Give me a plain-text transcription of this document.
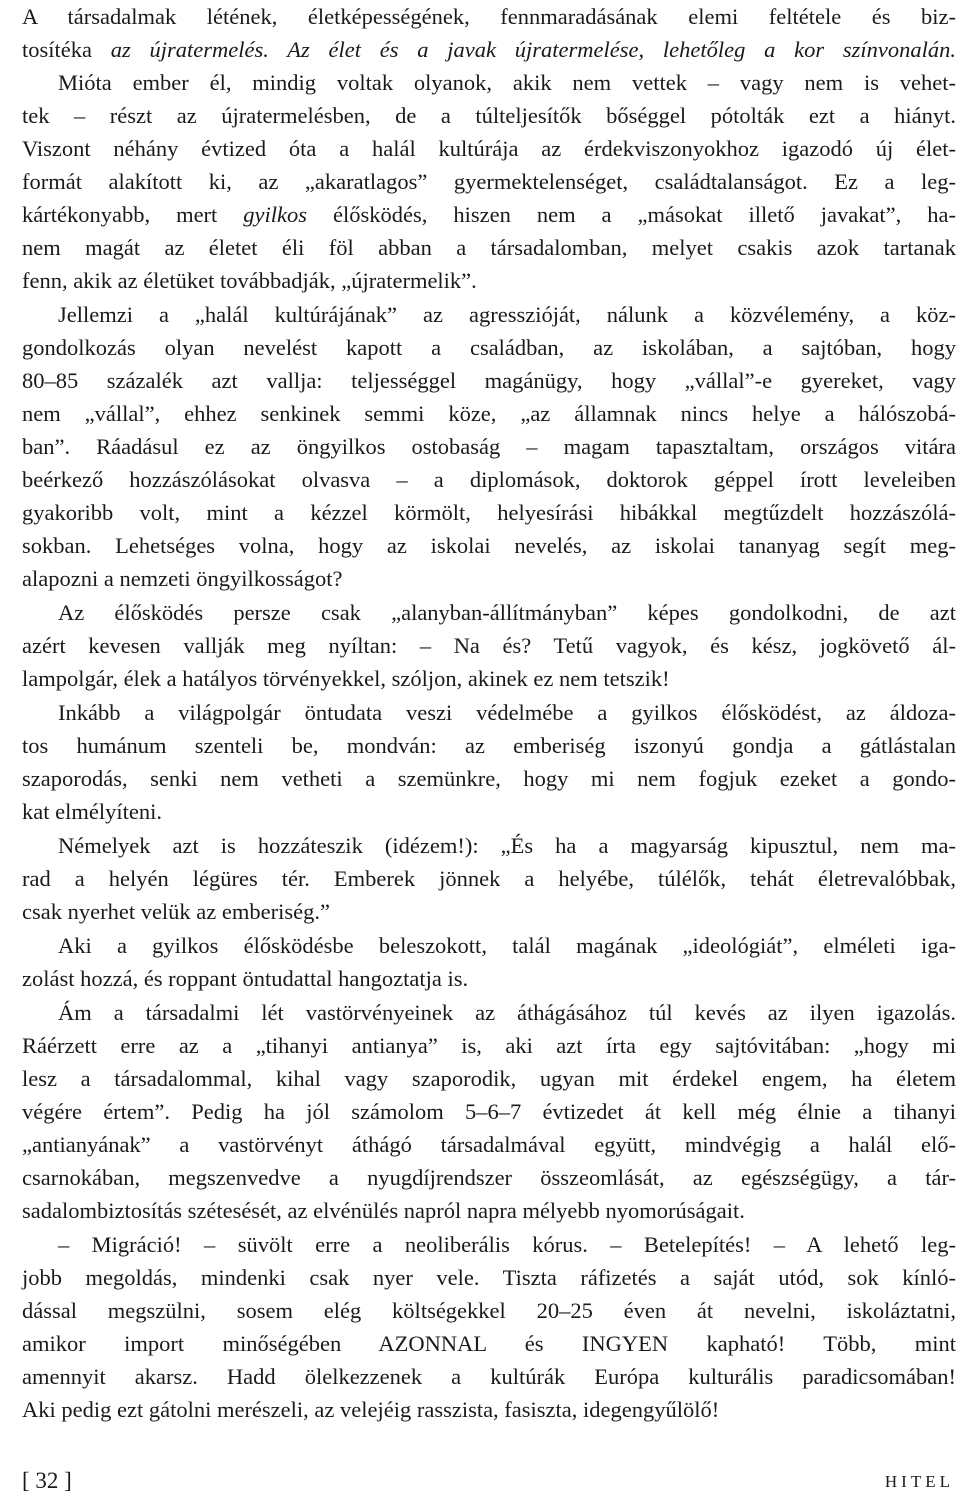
A társadalmak létének, életképességének, fennmaradásának elemi feltétele és biz-
tosítéka az újratermelés. Az élet és a javak újratermelése, lehetőleg a kor színvonalán.
Mióta ember él, mindig voltak olyanok, akik nem vettek – vagy nem is vehet-
tek – részt az újratermelésben, de a túlteljesítők bőséggel pótolták ezt a hiányt.
Viszont néhány évtized óta a halál kultúrája az érdekviszonyokhoz igazodó új élet-
formát alakított ki, az „akaratlagos” gyermektelenséget, családtalanságot. Ez a leg-
kártékonyabb, mert gyilkos élősködés, hiszen nem a „másokat illető javakat”, ha-
nem magát az életet éli föl abban a társadalomban, melyet csakis azok tartanak
fenn, akik az életüket továbbadják, „újratermelik”.
Jellemzi a „halál kultúrájának” az agresszióját, nálunk a közvélemény, a köz-
gondolkozás olyan nevelést kapott a családban, az iskolában, a sajtóban, hogy
80–85 százalék azt vallja: teljességgel magánügy, hogy „vállal”-e gyereket, vagy
nem „vállal”, ehhez senkinek semmi köze, „az államnak nincs helye a hálószobá-
ban”. Ráadásul ez az öngyilkos ostobaság – magam tapasztaltam, országos vitára
beérkező hozzászólásokat olvasva – a diplomások, doktorok géppel írott leveleiben
gyakoribb volt, mint a kézzel körmölt, helyesírási hibákkal megtűzdelt hozzászólá-
sokban. Lehetséges volna, hogy az iskolai nevelés, az iskolai tananyag segít meg-
alapozni a nemzeti öngyilkosságot?
Az élősködés persze csak „alanyban-állítmányban” képes gondolkodni, de azt
azért kevesen vallják meg nyíltan: – Na és? Tetű vagyok, és kész, jogkövető ál-
lampolgár, élek a hatályos törvényekkel, szóljon, akinek ez nem tetszik!
Inkább a világpolgár öntudata veszi védelmébe a gyilkos élősködést, az áldoza-
tos humánum szenteli be, mondván: az emberiség iszonyú gondja a gátlástalan
szaporodás, senki nem vetheti a szemünkre, hogy mi nem fogjuk ezeket a gondo-
kat elmélyíteni.
Némelyek azt is hozzáteszik (idézem!): „És ha a magyarság kipusztul, nem ma-
rad a helyén légüres tér. Emberek jönnek a helyébe, túlélők, tehát életrevalóbbak,
csak nyerhet velük az emberiség.”
Aki a gyilkos élősködésbe beleszokott, talál magának „ideológiát”, elméleti iga-
zolást hozzá, és roppant öntudattal hangoztatja is.
Ám a társadalmi lét vastörvényeinek az áthágásához túl kevés az ilyen igazolás.
Ráérzett erre az a „tihanyi antianya” is, aki azt írta egy sajtóvitában: „hogy mi
lesz a társadalommal, kihal vagy szaporodik, ugyan mit érdekel engem, ha életem
végére értem”. Pedig ha jól számolom 5–6–7 évtizedet át kell még élnie a tihanyi
„antianyának” a vastörvényt áthágó társadalmával együtt, mindvégig a halál elő-
csarnokában, megszenvedve a nyugdíjrendszer összeomlását, az egészségügy, a tár-
sadalombiztosítás szétesését, az elvénülés napról napra mélyebb nyomorúságait.
– Migráció! – süvölt erre a neoliberális kórus. – Betelepítés! – A lehető leg-
jobb megoldás, mindenki csak nyer vele. Tiszta ráfizetés a saját utód, sok kínló-
dással megszülni, sosem elég költségekkel 20–25 éven át nevelni, iskoláztatni,
amikor import minőségében AZONNAL és INGYEN kapható! Több, mint
amennyit akarsz. Hadd ölelkezzenek a kultúrák Európa kulturális paradicsomában!
Aki pedig ezt gátolni merészeli, az velejéig rasszista, fasiszta, idegengyűlölő!
[ 32 ]	HITEL
